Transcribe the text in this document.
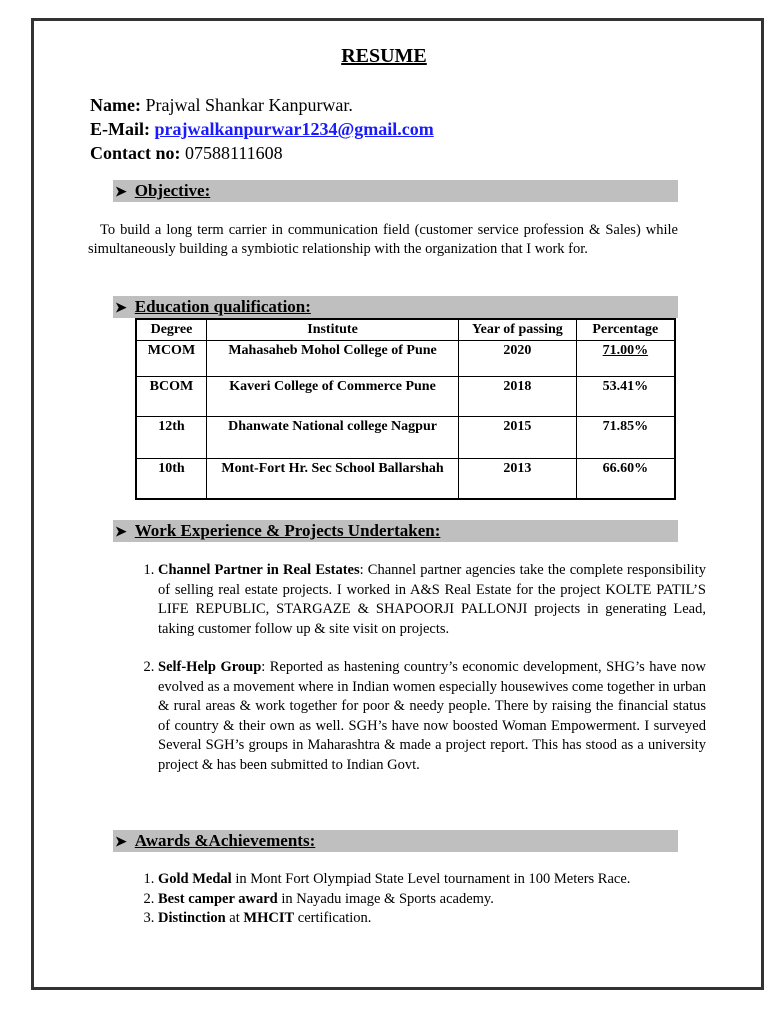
RESUME
Name: Prajwal Shankar Kanpurwar.
E-Mail: prajwalkanpurwar1234@gmail.com
Contact no: 07588111608
➤ Objective:
To build a long term carrier in communication field (customer service profession & Sales) while simultaneously building a symbiotic relationship with the organization that I work for.
➤ Education qualification:
Degree	Institute	Year of passing	Percentage
MCOM	Mahasaheb Mohol College of Pune	2020	71.00%
BCOM	Kaveri College of Commerce Pune	2018	53.41%
12th	Dhanwate National college Nagpur	2015	71.85%
10th	Mont-Fort Hr. Sec School Ballarshah	2013	66.60%
➤ Work Experience & Projects Undertaken:
1. Channel Partner in Real Estates: Channel partner agencies take the complete responsibility of selling real estate projects. I worked in A&S Real Estate for the project KOLTE PATIL’S LIFE REPUBLIC, STARGAZE & SHAPOORJI PALLONJI projects in generating Lead, taking customer follow up & site visit on projects.
2. Self-Help Group: Reported as hastening country’s economic development, SHG’s have now evolved as a movement where in Indian women especially housewives come together in urban & rural areas & work together for poor & needy people. There by raising the financial status of country & their own as well. SGH’s have now boosted Woman Empowerment. I surveyed Several SGH’s groups in Maharashtra & made a project report. This has stood as a university project & has been submitted to Indian Govt.
➤ Awards &Achievements:
1. Gold Medal in Mont Fort Olympiad State Level tournament in 100 Meters Race.
2. Best camper award in Nayadu image & Sports academy.
3. Distinction at MHCIT certification.
